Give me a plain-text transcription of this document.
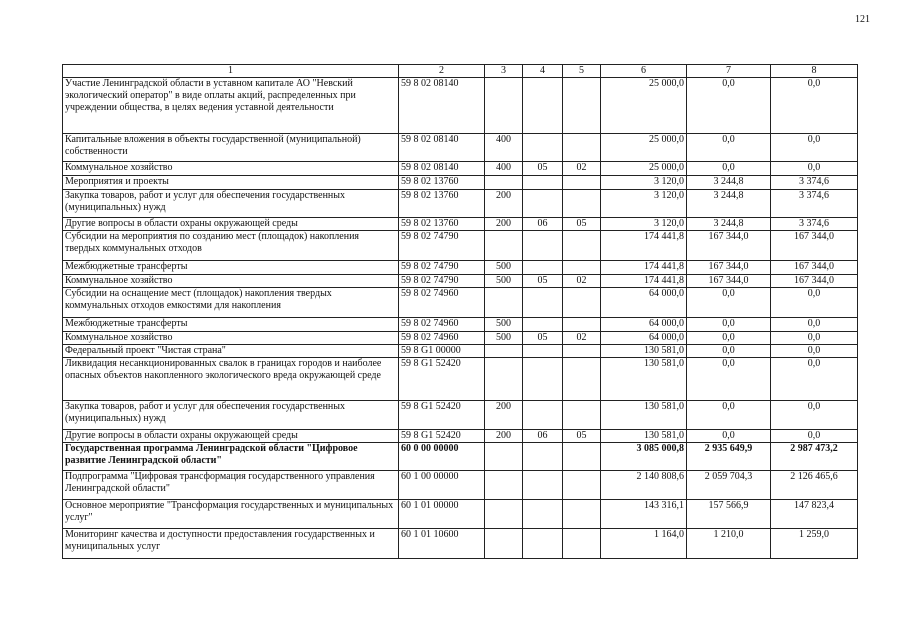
121
1	2	3	4	5	6	7	8
Участие Ленинградской области в уставном капитале АО "Невский экологический оператор" в виде оплаты акций, распределенных при учреждении общества, в целях ведения уставной деятельности	59 8 02 08140				25 000,0	0,0	0,0
Капитальные вложения в объекты государственной (муниципальной) собственности	59 8 02 08140	400			25 000,0	0,0	0,0
Коммунальное хозяйство	59 8 02 08140	400	05	02	25 000,0	0,0	0,0
Мероприятия и проекты	59 8 02 13760				3 120,0	3 244,8	3 374,6
Закупка товаров, работ и услуг для обеспечения государственных (муниципальных) нужд	59 8 02 13760	200			3 120,0	3 244,8	3 374,6
Другие вопросы в области охраны окружающей среды	59 8 02 13760	200	06	05	3 120,0	3 244,8	3 374,6
Субсидии на мероприятия по созданию мест (площадок) накопления твердых коммунальных отходов	59 8 02 74790				174 441,8	167 344,0	167 344,0
Межбюджетные трансферты	59 8 02 74790	500			174 441,8	167 344,0	167 344,0
Коммунальное хозяйство	59 8 02 74790	500	05	02	174 441,8	167 344,0	167 344,0
Субсидии на оснащение мест (площадок) накопления твердых коммунальных отходов емкостями для накопления	59 8 02 74960				64 000,0	0,0	0,0
Межбюджетные трансферты	59 8 02 74960	500			64 000,0	0,0	0,0
Коммунальное хозяйство	59 8 02 74960	500	05	02	64 000,0	0,0	0,0
Федеральный проект "Чистая страна"	59 8 G1 00000				130 581,0	0,0	0,0
Ликвидация несанкционированных свалок в границах городов и наиболее опасных объектов накопленного экологического вреда окружающей среде	59 8 G1 52420				130 581,0	0,0	0,0
Закупка товаров, работ и услуг для обеспечения государственных (муниципальных) нужд	59 8 G1 52420	200			130 581,0	0,0	0,0
Другие вопросы в области охраны окружающей среды	59 8 G1 52420	200	06	05	130 581,0	0,0	0,0
Государственная программа Ленинградской области "Цифровое развитие Ленинградской области"	60 0 00 00000				3 085 000,8	2 935 649,9	2 987 473,2
Подпрограмма "Цифровая трансформация государственного управления Ленинградской области"	60 1 00 00000				2 140 808,6	2 059 704,3	2 126 465,6
Основное мероприятие "Трансформация государственных и муниципальных услуг"	60 1 01 00000				143 316,1	157 566,9	147 823,4
Мониторинг качества и доступности предоставления государственных и муниципальных услуг	60 1 01 10600				1 164,0	1 210,0	1 259,0
